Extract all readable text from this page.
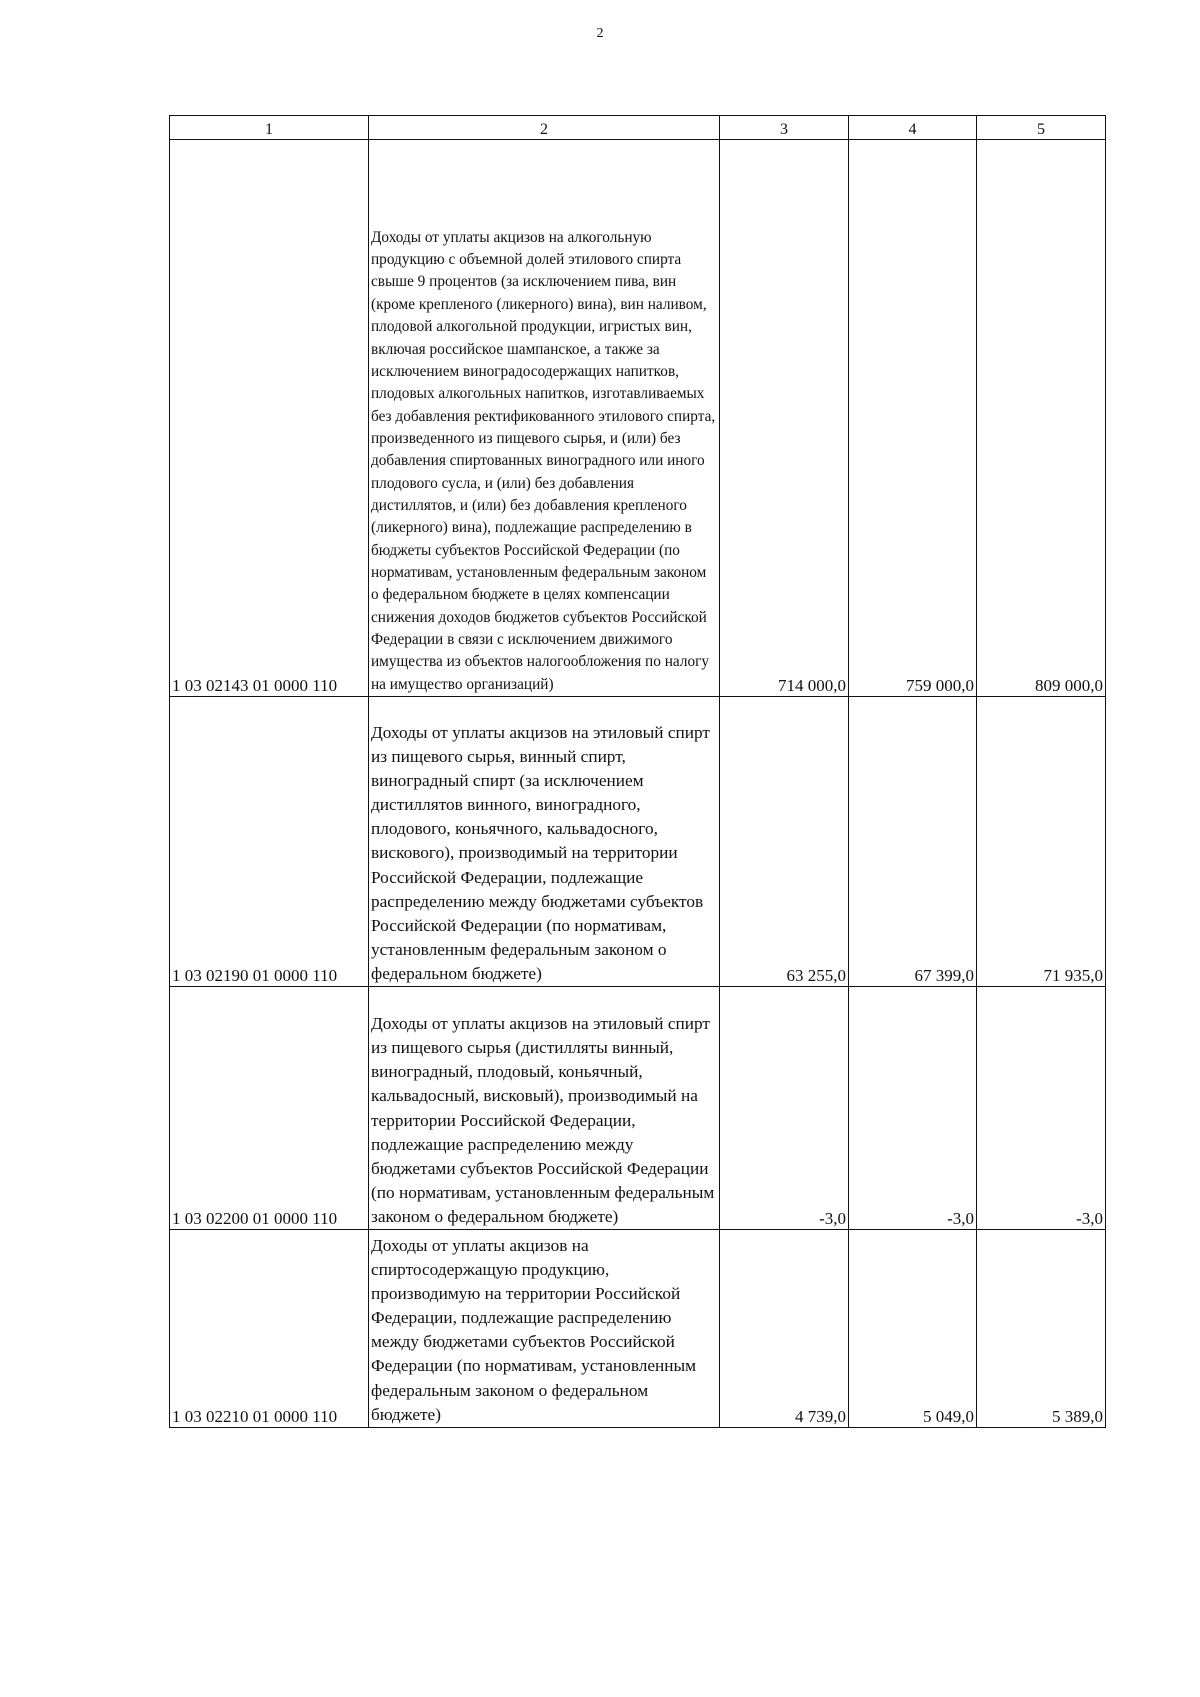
2
1	2	3	4	5
1 03 02143 01 0000 110	Доходы от уплаты акцизов на алкогольную продукцию с объемной долей этилового спирта свыше 9 процентов (за исключением пива, вин (кроме крепленого (ликерного) вина), вин наливом, плодовой алкогольной продукции, игристых вин, включая российское шампанское, а также за исключением виноградосодержащих напитков, плодовых алкогольных напитков, изготавливаемых без добавления ректификованного этилового спирта, произведенного из пищевого сырья, и (или) без добавления спиртованных виноградного или иного плодового сусла, и (или) без добавления дистиллятов, и (или) без добавления крепленого (ликерного) вина), подлежащие распределению в бюджеты субъектов Российской Федерации (по нормативам, установленным федеральным законом о федеральном бюджете в целях компенсации снижения доходов бюджетов субъектов Российской Федерации в связи с исключением движимого имущества из объектов налогообложения по налогу на имущество организаций)	714 000,0	759 000,0	809 000,0
1 03 02190 01 0000 110	Доходы от уплаты акцизов на этиловый спирт из пищевого сырья, винный спирт, виноградный спирт (за исключением дистиллятов винного, виноградного, плодового, коньячного, кальвадосного, вискового), производимый на территории Российской Федерации, подлежащие распределению между бюджетами субъектов Российской Федерации (по нормативам, установленным федеральным законом о федеральном бюджете)	63 255,0	67 399,0	71 935,0
1 03 02200 01 0000 110	Доходы от уплаты акцизов на этиловый спирт из пищевого сырья (дистилляты винный, виноградный, плодовый, коньячный, кальвадосный, висковый), производимый на территории Российской Федерации, подлежащие распределению между бюджетами субъектов Российской Федерации (по нормативам, установленным федеральным законом о федеральном бюджете)	-3,0	-3,0	-3,0
1 03 02210 01 0000 110	Доходы от уплаты акцизов на спиртосодержащую продукцию, производимую на территории Российской Федерации, подлежащие распределению между бюджетами субъектов Российской Федерации (по нормативам, установленным федеральным законом о федеральном бюджете)	4 739,0	5 049,0	5 389,0
